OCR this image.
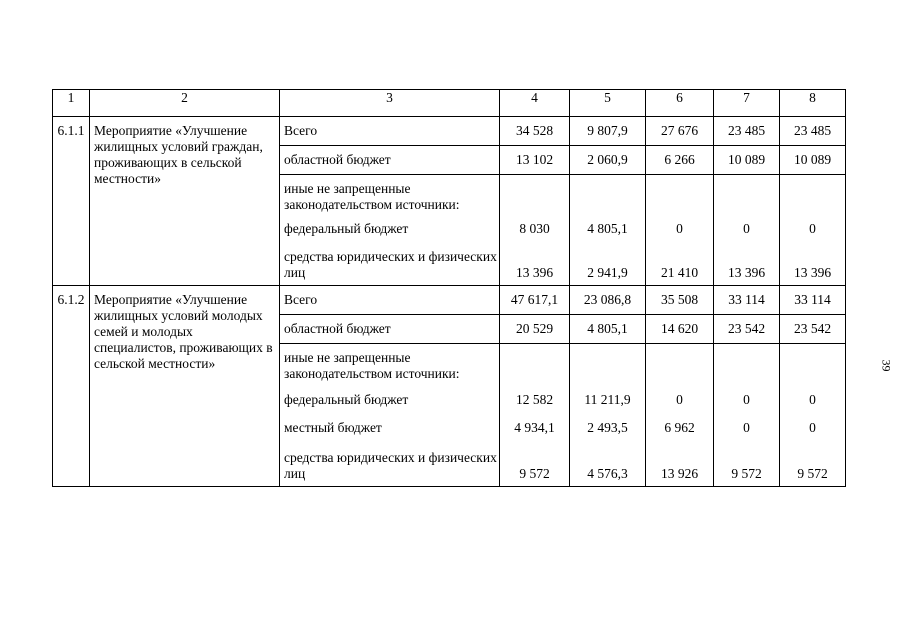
1	2	3	4	5	6	7	8
6.1.1	Мероприятие «Улучшение жилищных условий граждан, проживающих в сельской местности»	Всего	34 528	9 807,9	27 676	23 485	23 485
		областной бюджет	13 102	2 060,9	6 266	10 089	10 089
		иные не запрещенные законодательством источники:					
		федеральный бюджет	8 030	4 805,1	0	0	0
		средства юридических и физических лиц	13 396	2 941,9	21 410	13 396	13 396
6.1.2	Мероприятие «Улучшение жилищных условий молодых семей и молодых специалистов, проживающих в сельской местности»	Всего	47 617,1	23 086,8	35 508	33 114	33 114
		областной бюджет	20 529	4 805,1	14 620	23 542	23 542
		иные не запрещенные законодательством источники:					
		федеральный бюджет	12 582	11 211,9	0	0	0
		местный бюджет	4 934,1	2 493,5	6 962	0	0
		средства юридических и физических лиц	9 572	4 576,3	13 926	9 572	9 572
39
